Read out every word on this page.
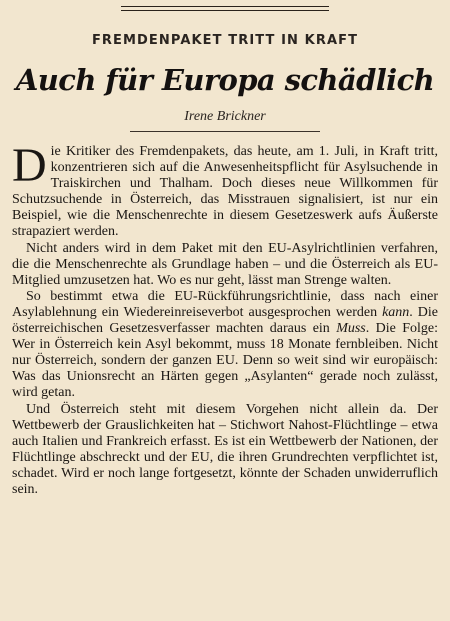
FREMDENPAKET TRITT IN KRAFT
Auch für Europa schädlich
Irene Brickner

Die Kritiker des Fremdenpakets, das heute, am 1. Juli, in Kraft tritt, konzentrieren sich auf die Anwesenheitspflicht für Asylsuchende in Traiskirchen und Thalham. Doch dieses neue Willkommen für Schutzsuchende in Österreich, das Misstrauen signalisiert, ist nur ein Beispiel, wie die Menschenrechte in diesem Gesetzeswerk aufs Äußerste strapaziert werden.

Nicht anders wird in dem Paket mit den EU-Asylrichtlinien verfahren, die die Menschenrechte als Grundlage haben – und die Österreich als EU-Mitglied umzusetzen hat. Wo es nur geht, lässt man Strenge walten.

So bestimmt etwa die EU-Rückführungsrichtlinie, dass nach einer Asylablehnung ein Wiedereinreiseverbot ausgesprochen werden kann. Die österreichischen Gesetzesverfasser machten daraus ein Muss. Die Folge: Wer in Österreich kein Asyl bekommt, muss 18 Monate fernbleiben. Nicht nur Österreich, sondern der ganzen EU. Denn so weit sind wir europäisch: Was das Unionsrecht an Härten gegen „Asylanten“ gerade noch zulässt, wird getan.

Und Österreich steht mit diesem Vorgehen nicht allein da. Der Wettbewerb der Grauslichkeiten hat – Stichwort Nahost-Flüchtlinge – etwa auch Italien und Frankreich erfasst. Es ist ein Wettbewerb der Nationen, der Flüchtlinge abschreckt und der EU, die ihren Grundrechten verpflichtet ist, schadet. Wird er noch lange fortgesetzt, könnte der Schaden unwiderruflich sein.
